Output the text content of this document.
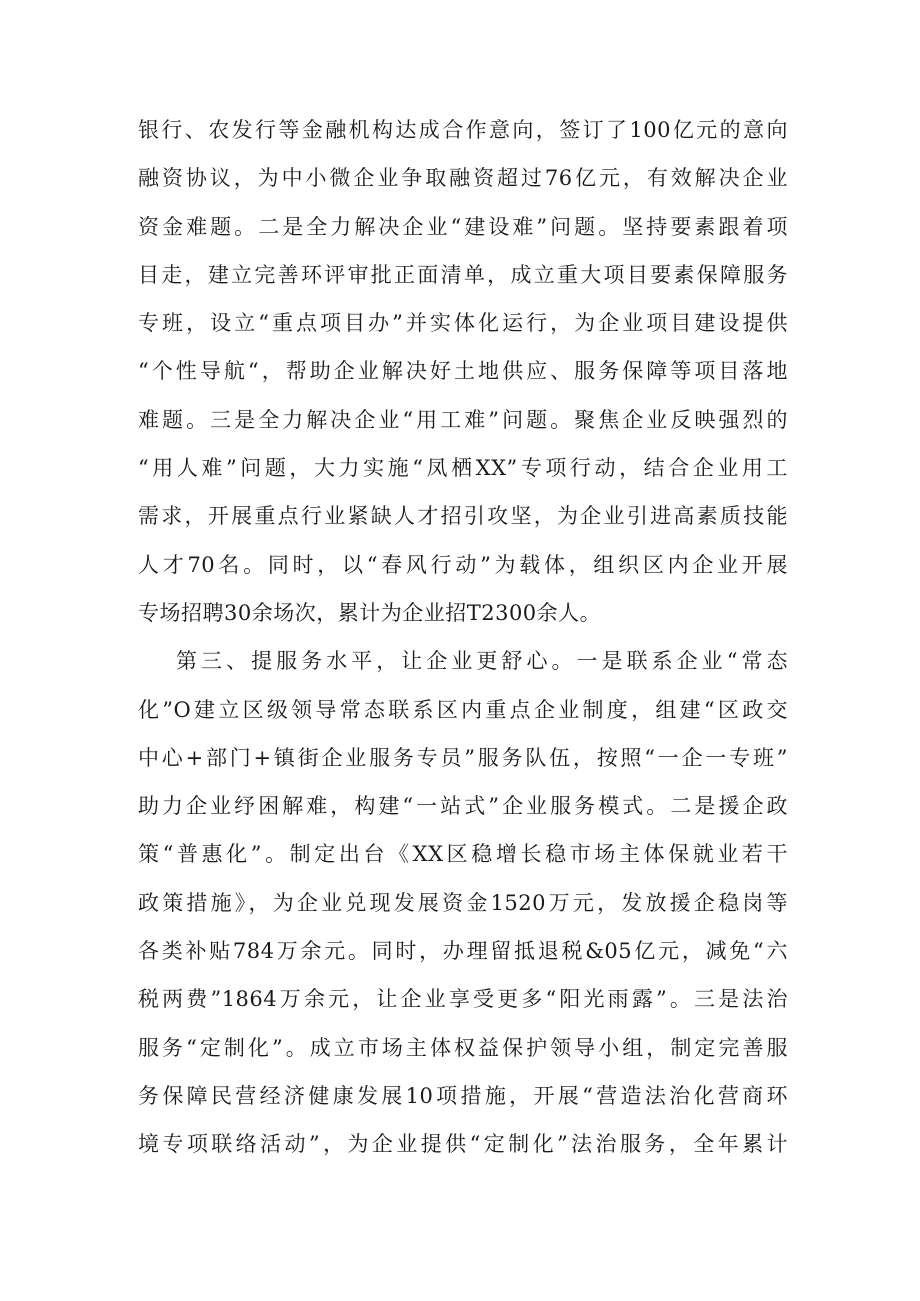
银行、农发行等金融机构达成合作意向，签订了100亿元的意向
融资协议，为中小微企业争取融资超过76亿元，有效解决企业
资金难题。二是全力解决企业“建设难”问题。坚持要素跟着项
目走，建立完善环评审批正面清单，成立重大项目要素保障服务
专班，设立“重点项目办”并实体化运行，为企业项目建设提供
“个性导航“，帮助企业解决好土地供应、服务保障等项目落地
难题。三是全力解决企业“用工难”问题。聚焦企业反映强烈的
“用人难”问题，大力实施“凤栖XX”专项行动，结合企业用工
需求，开展重点行业紧缺人才招引攻坚，为企业引进高素质技能
人才70名。同时，以“春风行动”为载体，组织区内企业开展
专场招聘30余场次，累计为企业招T2300余人。
第三、提服务水平，让企业更舒心。一是联系企业“常态
化”O建立区级领导常态联系区内重点企业制度，组建“区政交
中心+部门+镇街企业服务专员”服务队伍，按照“一企一专班”
助力企业纾困解难，构建“一站式”企业服务模式。二是援企政
策“普惠化”。制定出台《XX区稳增长稳市场主体保就业若干
政策措施》，为企业兑现发展资金1520万元，发放援企稳岗等
各类补贴784万余元。同时，办理留抵退税&05亿元，减免“六
税两费”1864万余元，让企业享受更多“阳光雨露”。三是法治
服务“定制化”。成立市场主体权益保护领导小组，制定完善服
务保障民营经济健康发展10项措施，开展“营造法治化营商环
境专项联络活动”，为企业提供“定制化”法治服务，全年累计
